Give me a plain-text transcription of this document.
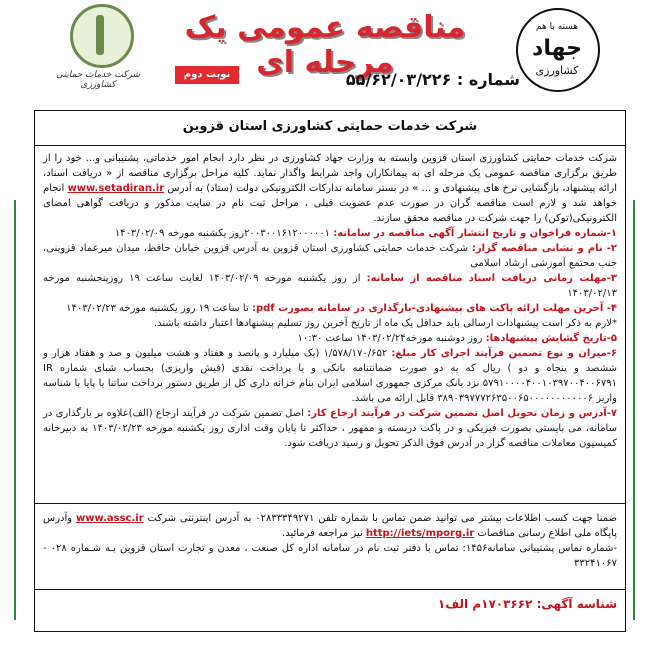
شرکت خدمات حمایتی کشاورزی
مناقصه عمومی یک مرحله ای
نوبت دوم	شماره : ۵۵/۶۲/۰۳/۲۲۶
هسته با هم
جهاد
کشاورزی
شرکت خدمات حمایتی کشاورزی استان قزوین

شرکت خدمات حمایتی کشاورزی استان قزوین وابسته به وزارت جهاد کشاورزی در نظر دارد انجام امور خدماتی، پشتیبانی و... خود را از طریق برگزاری مناقصه عمومی یک مرحله ای به پیمانکاران واجد شرایط واگذار نماید. کلیه مراحل برگزاری مناقصه از « دریافت اسناد، ارائه پیشنهاد، بازگشایی نرخ های پیشنهادی و ... » در بستر سامانه تدارکات الکترونیکی دولت (ستاد) به آدرس www.setadiran.ir انجام خواهد شد و لازم است مناقصه گران در صورت عدم عضویت قبلی ، مراحل ثبت نام در سایت مذکور و دریافت گواهی امضای الکترونیکی(توکن) را جهت شرکت در مناقصه محقق سازند.

۱-شماره فراخوان و تاریخ انتشار آگهی مناقصه در سامانه: ۲۰۰۳۰۰۱۶۱۲۰۰۰۰۰۱روز یکشنبه مورخه ۱۴۰۳/۰۲/۰۹

۲- نام و نشانی مناقصه گزار: شرکت خدمات حمایتی کشاورزی استان قزوین به آدرس قزوین خیابان حافظ، میدان میرعماد قزوینی، جنب مجتمع آموزشی ارشاد اسلامی

۳-مهلت زمانی دریافت اسناد مناقصه از سامانه: از روز یکشنبه مورخه ۱۴۰۳/۰۲/۰۹ لغایت ساعت ۱۹ روزپنجشنبه مورخه ۱۴۰۳/۰۲/۱۳

۴- آخرین مهلت ارائه پاکت های پیشنهادی-بارگذاری در سامانه بصورت pdf: تا ساعت ۱۹ روز یکشنبه مورخه ۱۴۰۳/۰۲/۲۳

*لازم به ذکر است پیشنهادات ارسالی باید حداقل یک ماه از تاریخ آخرین روز تسلیم پیشنهادها اعتبار داشته باشند.

۵-تاریخ گشایش پیشنهادها: روز دوشنبه مورخه۱۴۰۳/۰۲/۲۴ ساعت ۱۰:۳۰

۶-میزان و نوع تضمین فرآیند اجرای کار مبلغ: ۱/۵۷۸/۱۷۰/۶۵۲ (یک میلیارد و پانصد و هفتاد و هشت میلیون و صد و هفتاد هزار و ششصد و پنجاه و دو ) ریال که به دو صورت ضمانتنامه بانکی و یا پرداخت نقدی (فیش واریزی) بحساب شبای شماره IR ۵۷۹۱۰۰۰۰۴۰۰۱۰۳۹۷۰۰۴۰۰۶۷۹۱ نزد بانک مرکزی جمهوری اسلامی ایران بنام خزانه داری کل از طریق دستور پرداخت ساتنا یا پایا با شناسه واریز ۳۸۹۰۳۹۷۷۷۲۶۳۵۰۰۶۵۰۰۰۰۰۰۰۰۰۰۰۶ قابل ارائه می باشد.

۷-آدرس و زمان تحویل اصل تضمین شرکت در فرآیند ارجاع کار: اصل تضمین شرکت در فرآیند ارجاع (الف)علاوه بر بارگذاری در سامانه، می بایستی بصورت فیزیکی و در پاکت دربسته و ممهور ، حداکثر تا پایان وقت اداری روز یکشنبه مورخه ۱۴۰۳/۰۲/۲۳ به دبیرخانه کمیسیون معاملات مناقصه گزار در آدرس فوق الذکر تحویل و رسید دریافت شود.

ضمنا جهت کسب اطلاعات بیشتر می توانید ضمن تماس با شماره تلفن ۰۲۸۳۳۳۴۹۲۷۱ به آدرس اینترنتی شرکت www.assc.ir وآدرس پایگاه ملی اطلاع رسانی مناقصات http://iets/mporg.ir نیز مراجعه فرمائید.
-شماره تماس پشتیبانی سامانه۱۴۵۶: تماس با دفتر ثبت نام در سامانه اداره کل صنعت ، معدن و تجارت استان قزوین بـه شـماره ۰۲۸ - ۳۳۲۴۱۰۶۷
شناسه آگهی: ۱۷۰۳۶۶۲م الف۱
